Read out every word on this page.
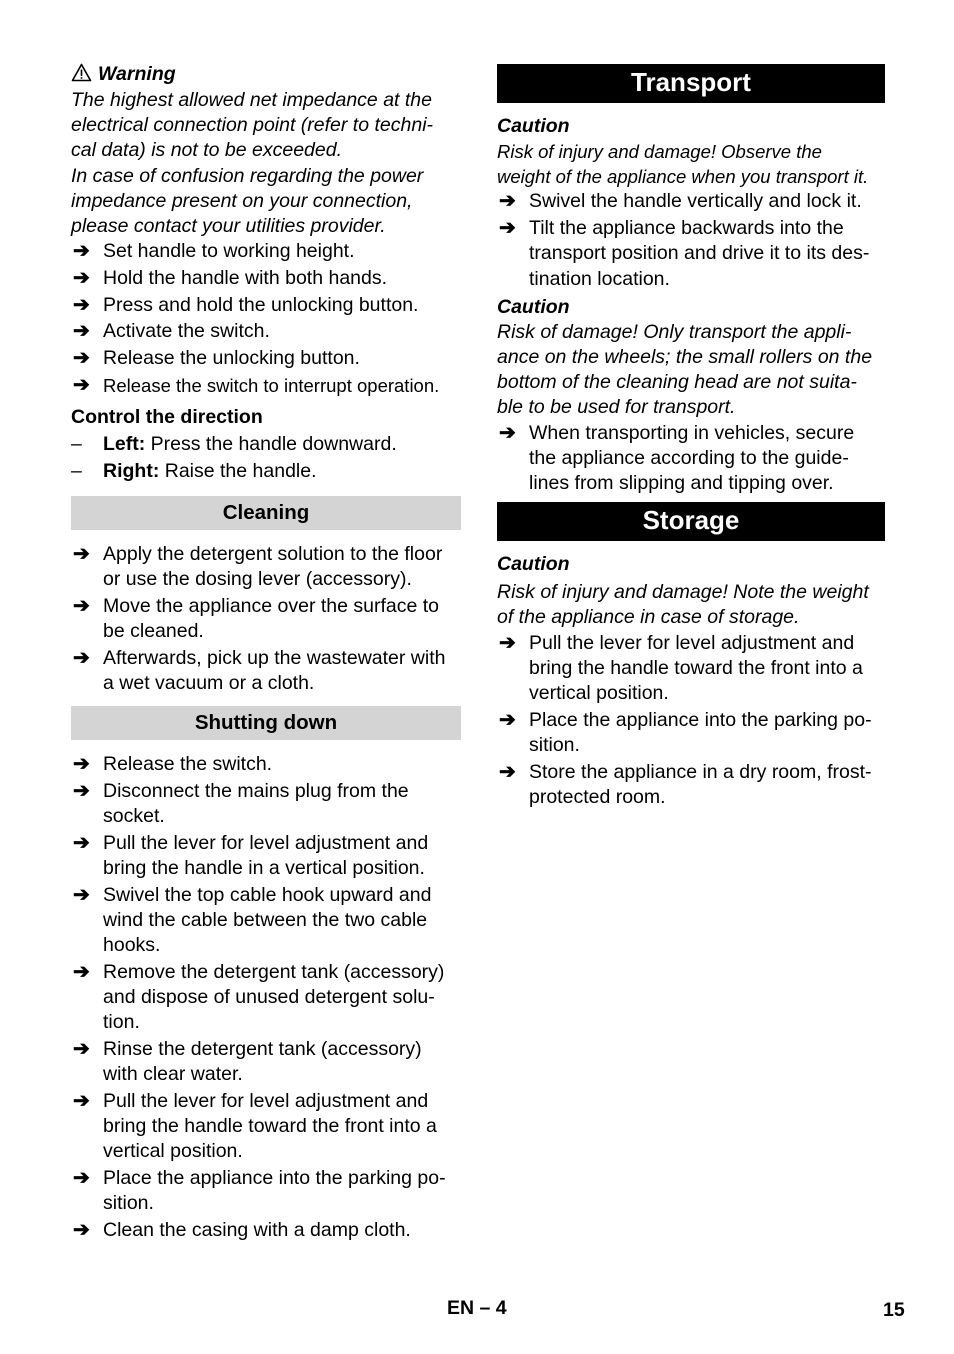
Warning
The highest allowed net impedance at the
electrical connection point (refer to techni-
cal data) is not to be exceeded.
In case of confusion regarding the power
impedance present on your connection,
please contact your utilities provider.
➔ Set handle to working height.
➔ Hold the handle with both hands.
➔ Press and hold the unlocking button.
➔ Activate the switch.
➔ Release the unlocking button.
➔ Release the switch to interrupt operation.
Control the direction
– Left: Press the handle downward.
– Right: Raise the handle.
Cleaning
➔ Apply the detergent solution to the floor
or use the dosing lever (accessory).
➔ Move the appliance over the surface to
be cleaned.
➔ Afterwards, pick up the wastewater with
a wet vacuum or a cloth.
Shutting down
➔ Release the switch.
➔ Disconnect the mains plug from the
socket.
➔ Pull the lever for level adjustment and
bring the handle in a vertical position.
➔ Swivel the top cable hook upward and
wind the cable between the two cable
hooks.
➔ Remove the detergent tank (accessory)
and dispose of unused detergent solu-
tion.
➔ Rinse the detergent tank (accessory)
with clear water.
➔ Pull the lever for level adjustment and
bring the handle toward the front into a
vertical position.
➔ Place the appliance into the parking po-
sition.
➔ Clean the casing with a damp cloth.
Transport
Caution
Risk of injury and damage! Observe the
weight of the appliance when you transport it.
➔ Swivel the handle vertically and lock it.
➔ Tilt the appliance backwards into the
transport position and drive it to its des-
tination location.
Caution
Risk of damage! Only transport the appli-
ance on the wheels; the small rollers on the
bottom of the cleaning head are not suita-
ble to be used for transport.
➔ When transporting in vehicles, secure
the appliance according to the guide-
lines from slipping and tipping over.
Storage
Caution
Risk of injury and damage! Note the weight
of the appliance in case of storage.
➔ Pull the lever for level adjustment and
bring the handle toward the front into a
vertical position.
➔ Place the appliance into the parking po-
sition.
➔ Store the appliance in a dry room, frost-
protected room.
EN – 4	15
